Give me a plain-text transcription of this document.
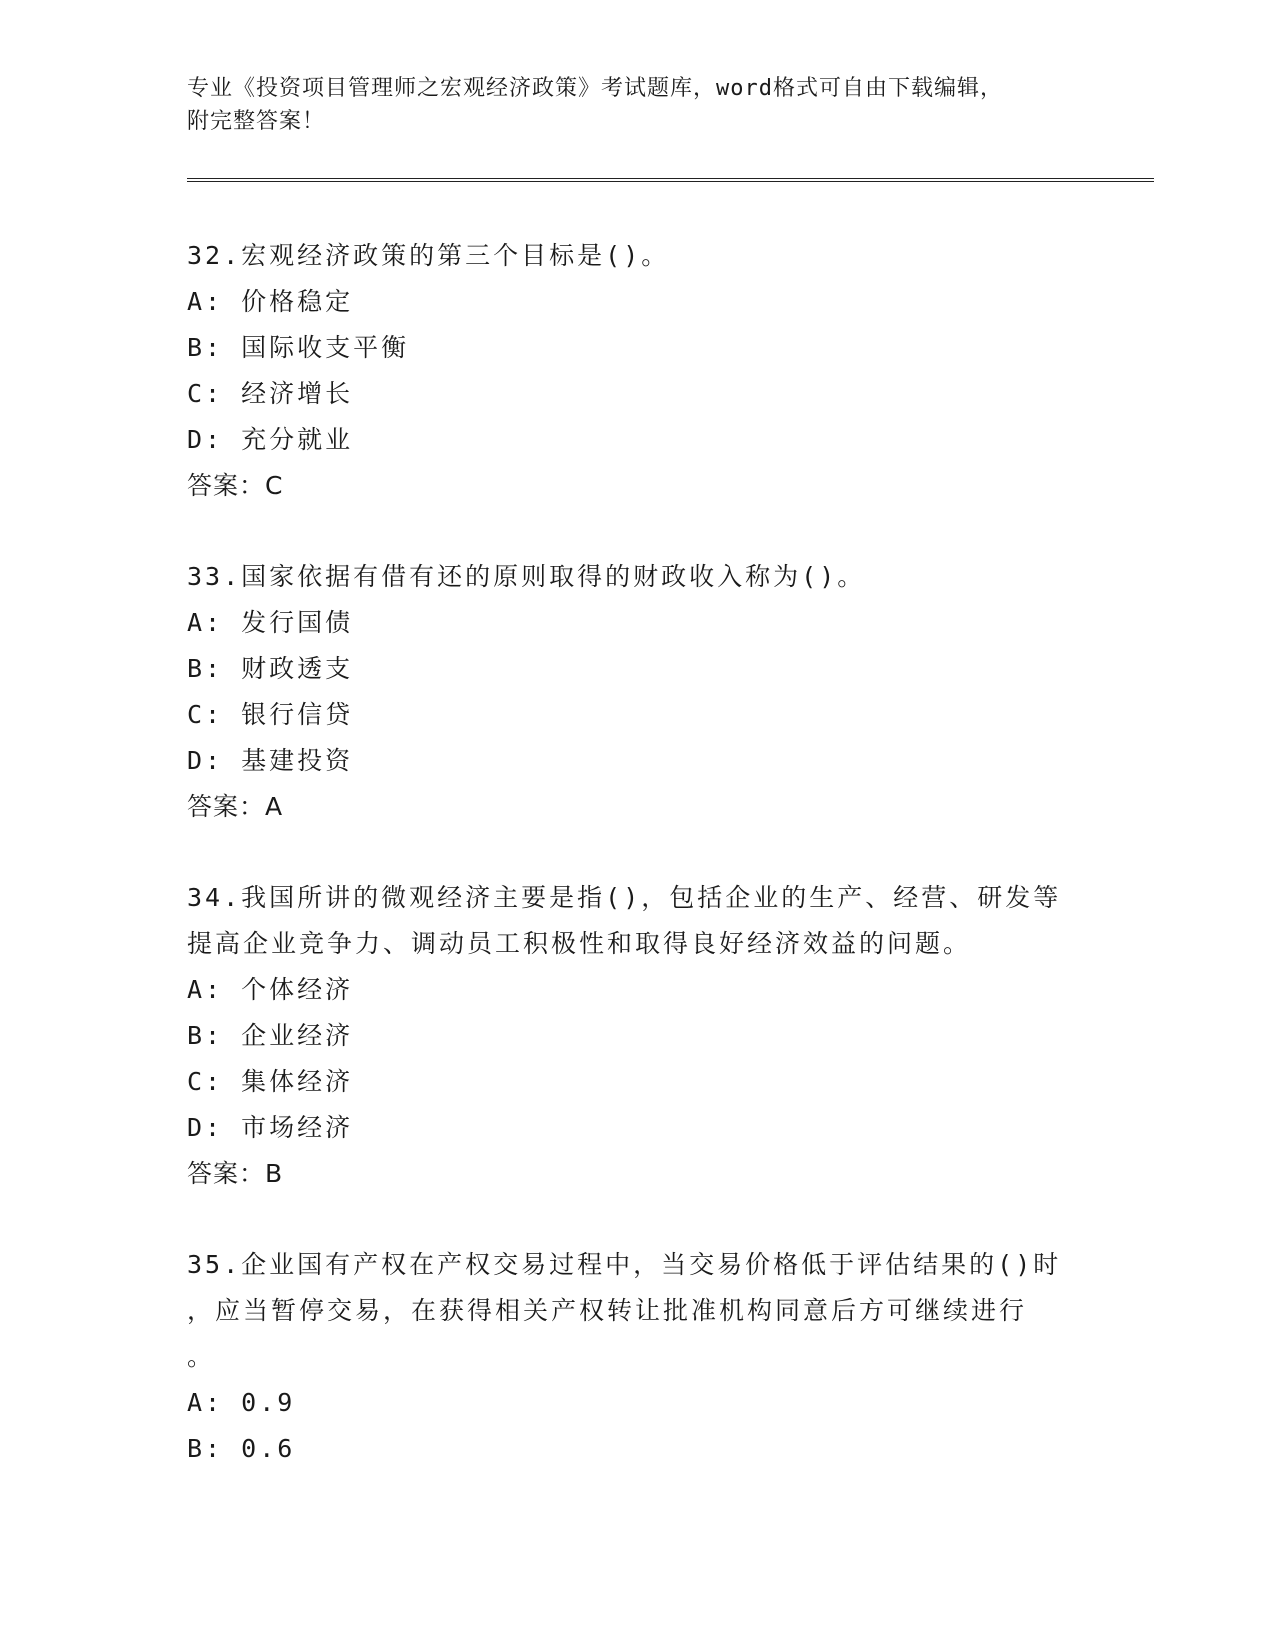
专业《投资项目管理师之宏观经济政策》考试题库，word格式可自由下载编辑，
附完整答案！
32.宏观经济政策的第三个目标是()。
A: 价格稳定
B: 国际收支平衡
C: 经济增长
D: 充分就业
答案：C
33.国家依据有借有还的原则取得的财政收入称为()。
A: 发行国债
B: 财政透支
C: 银行信贷
D: 基建投资
答案：A
34.我国所讲的微观经济主要是指()，包括企业的生产、经营、研发等
提高企业竞争力、调动员工积极性和取得良好经济效益的问题。
A: 个体经济
B: 企业经济
C: 集体经济
D: 市场经济
答案：B
35.企业国有产权在产权交易过程中，当交易价格低于评估结果的()时
，应当暂停交易，在获得相关产权转让批准机构同意后方可继续进行
。
A: 0.9
B: 0.6
